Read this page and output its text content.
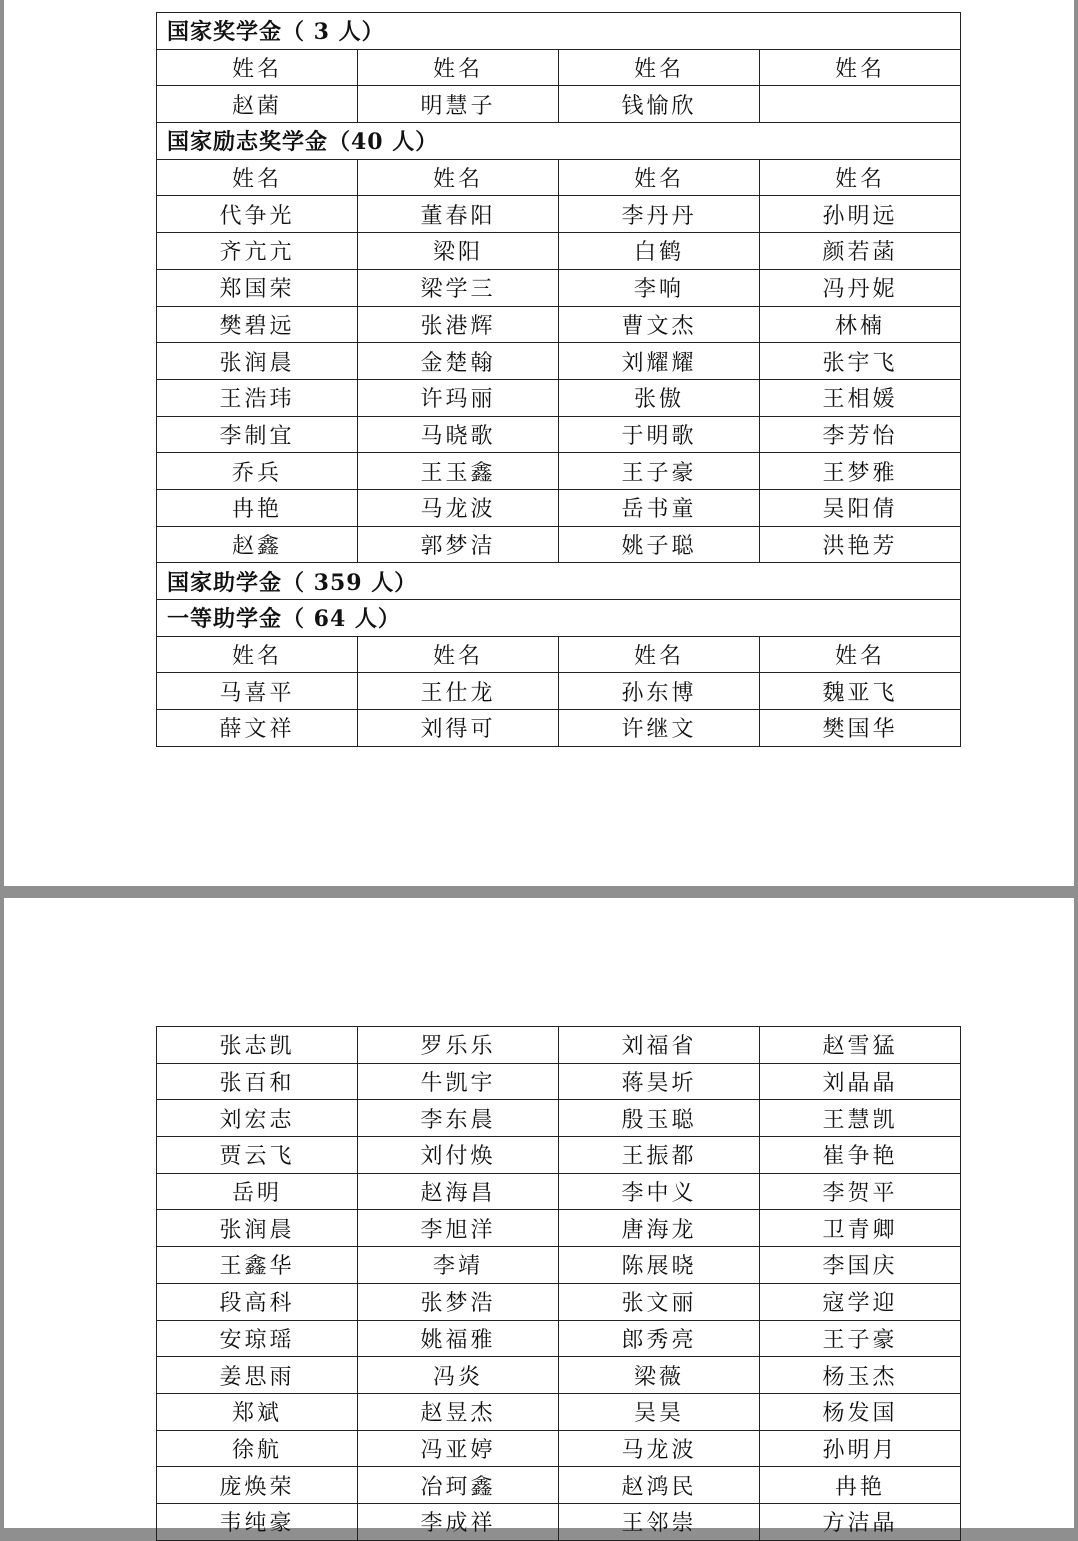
国家奖学金（ 3 人）			
姓名	姓名	姓名	姓名
赵菌	明慧子	钱愉欣	
国家励志奖学金（40 人）			
姓名	姓名	姓名	姓名
代争光	董春阳	李丹丹	孙明远
齐亢亢	梁阳	白鹤	颜若菡
郑国荣	梁学三	李响	冯丹妮
樊碧远	张港辉	曹文杰	林楠
张润晨	金楚翰	刘耀耀	张宇飞
王浩玮	许玛丽	张傲	王相媛
李制宜	马晓歌	于明歌	李芳怡
乔兵	王玉鑫	王子豪	王梦雅
冉艳	马龙波	岳书童	吴阳倩
赵鑫	郭梦洁	姚子聪	洪艳芳
国家助学金（ 359 人）			
一等助学金（ 64 人）			
姓名	姓名	姓名	姓名
马喜平	王仕龙	孙东博	魏亚飞
薛文祥	刘得可	许继文	樊国华
张志凯	罗乐乐	刘福省	赵雪猛
张百和	牛凯宇	蒋昊圻	刘晶晶
刘宏志	李东晨	殷玉聪	王慧凯
贾云飞	刘付焕	王振都	崔争艳
岳明	赵海昌	李中义	李贺平
张润晨	李旭洋	唐海龙	卫青卿
王鑫华	李靖	陈展晓	李国庆
段高科	张梦浩	张文丽	寇学迎
安琼瑶	姚福雅	郎秀亮	王子豪
姜思雨	冯炎	梁薇	杨玉杰
郑斌	赵昱杰	吴昊	杨发国
徐航	冯亚婷	马龙波	孙明月
庞焕荣	冶珂鑫	赵鸿民	冉艳
韦纯豪	李成祥	王邻崇	方洁晶
